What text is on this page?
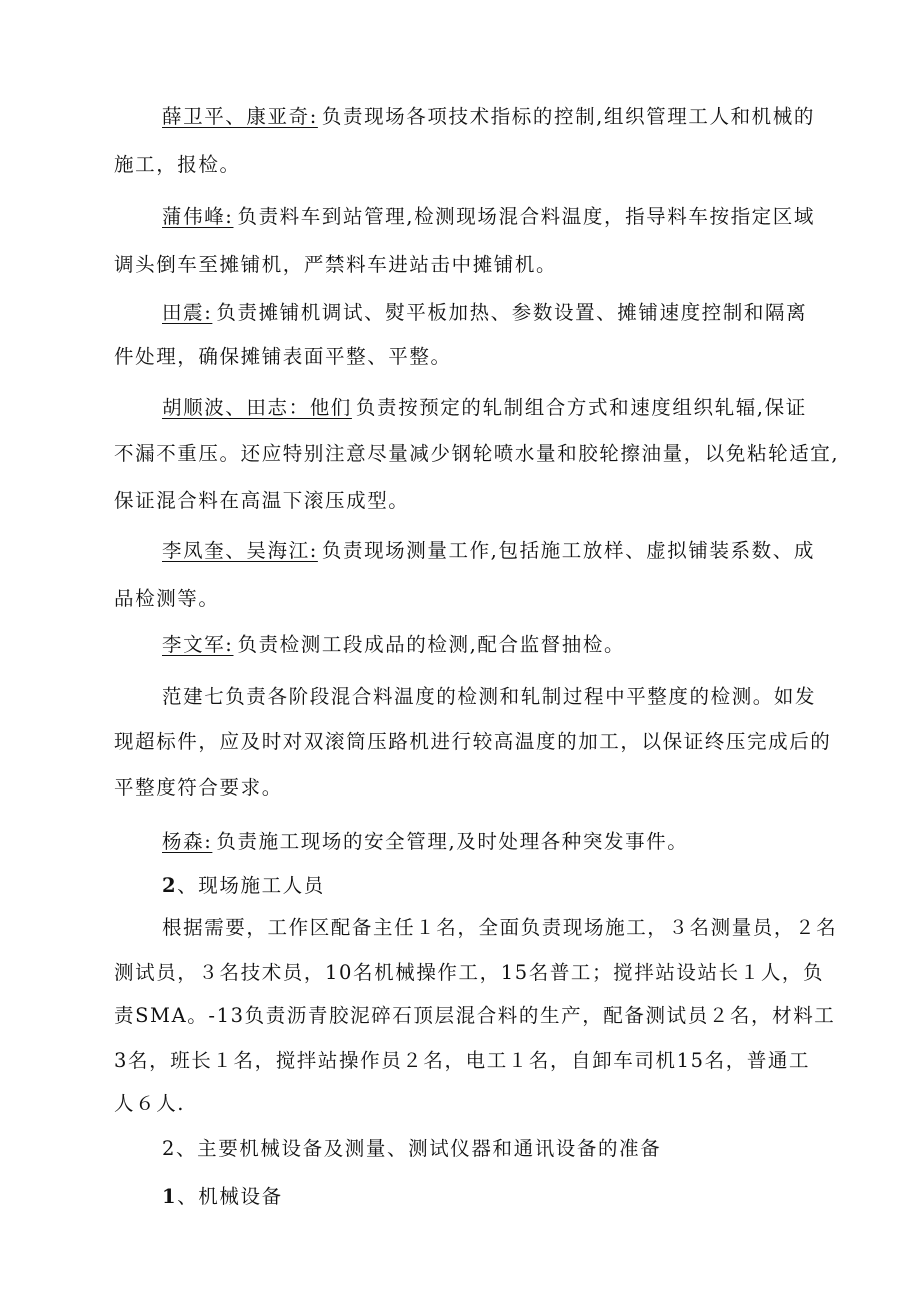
薛卫平、康亚奇: 负责现场各项技术指标的控制,组织管理工人和机械的
施工，报检。
蒲伟峰: 负责料车到站管理,检测现场混合料温度，指导料车按指定区域
调头倒车至摊铺机，严禁料车进站击中摊铺机。
田震: 负责摊铺机调试、熨平板加热、参数设置、摊铺速度控制和隔离
件处理，确保摊铺表面平整、平整。
胡顺波、田志：他们 负责按预定的轧制组合方式和速度组织轧辐,保证
不漏不重压。还应特别注意尽量减少钢轮喷水量和胶轮擦油量，以免粘轮适宜,
保证混合料在高温下滚压成型。
李凤奎、吴海江: 负责现场测量工作,包括施工放样、虚拟铺装系数、成
品检测等。
李文军: 负责检测工段成品的检测,配合监督抽检。
范建七负责各阶段混合料温度的检测和轧制过程中平整度的检测。如发
现超标件，应及时对双滚筒压路机进行较高温度的加工，以保证终压完成后的
平整度符合要求。
杨森: 负责施工现场的安全管理,及时处理各种突发事件。
2、现场施工人员
根据需要，工作区配备主任１名，全面负责现场施工，３名测量员，２名
测试员，３名技术员，10名机械操作工，15名普工；搅拌站设站长１人，负
责SMA。-13负责沥青胶泥碎石顶层混合料的生产，配备测试员２名，材料工
3名，班长１名，搅拌站操作员２名，电工１名，自卸车司机15名，普通工
人６人.
2、主要机械设备及测量、测试仪器和通讯设备的准备
1、机械设备
